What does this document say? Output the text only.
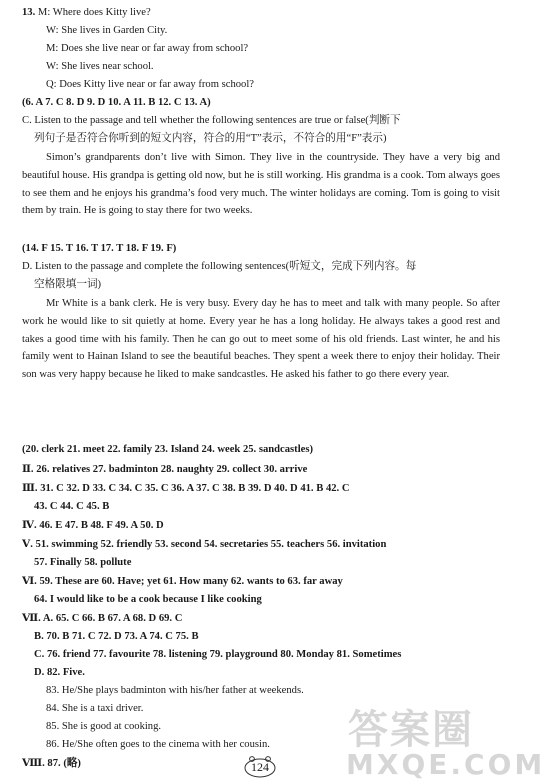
13. M: Where does Kitty live?
W: She lives in Garden City.
M: Does she live near or far away from school?
W: She lives near school.
Q: Does Kitty live near or far away from school?
(6. A 7. C 8. D 9. D 10. A 11. B 12. C 13. A)
C. Listen to the passage and tell whether the following sentences are true or false(判断下
列句子是否符合你听到的短文内容，符合的用“T”表示，不符合的用“F”表示)
Simon’s grandparents don’t live with Simon. They live in the countryside. They have a very big and beautiful house. His grandpa is getting old now, but he is still working. His grandma is a cook. Tom always goes to see them and he enjoys his grandma’s food very much. The winter holidays are coming. Tom is going to visit them by train. He is going to stay there for two weeks.
(14. F 15. T 16. T 17. T 18. F 19. F)
D. Listen to the passage and complete the following sentences(听短文，完成下列内容。每
空格限填一词)
Mr White is a bank clerk. He is very busy. Every day he has to meet and talk with many people. So after work he would like to sit quietly at home. Every year he has a long holiday. He always takes a good rest and takes a good time with his family. Then he can go out to meet some of his old friends. Last winter, he and his family went to Hainan Island to see the beautiful beaches. They spent a week there to enjoy their holiday. Their son was very happy because he liked to make sandcastles. He asked his father to go there every year.
(20. clerk 21. meet 22. family 23. Island 24. week 25. sandcastles)
Ⅱ. 26. relatives 27. badminton 28. naughty 29. collect 30. arrive
Ⅲ. 31. C 32. D 33. C 34. C 35. C 36. A 37. C 38. B 39. D 40. D 41. B 42. C
43. C 44. C 45. B
Ⅳ. 46. E 47. B 48. F 49. A 50. D
Ⅴ. 51. swimming 52. friendly 53. second 54. secretaries 55. teachers 56. invitation
57. Finally 58. pollute
Ⅵ. 59. These are 60. Have; yet 61. How many 62. wants to 63. far away
64. I would like to be a cook because I like cooking
Ⅶ. A. 65. C 66. B 67. A 68. D 69. C
B. 70. B 71. C 72. D 73. A 74. C 75. B
C. 76. friend 77. favourite 78. listening 79. playground 80. Monday 81. Sometimes
D. 82. Five.
83. He/She plays badminton with his/her father at weekends.
84. She is a taxi driver.
85. She is good at cooking.
86. He/She often goes to the cinema with her cousin.
Ⅷ. 87. (略)	124
答案圈
MXQE.COM
